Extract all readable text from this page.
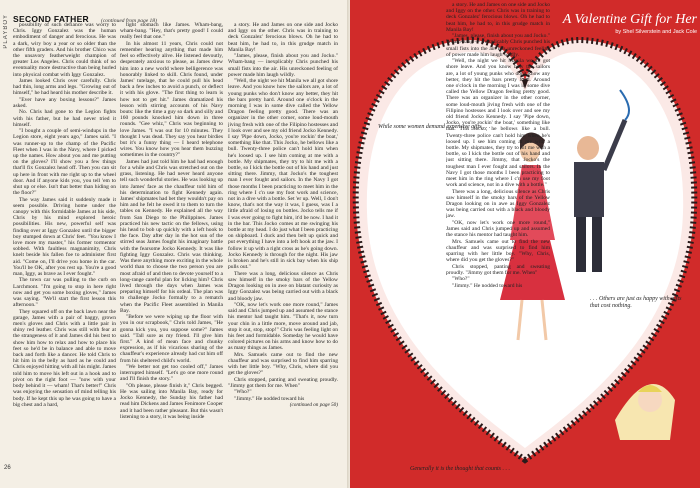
PLAYBOY SECOND FATHER (continued from page 18)

possibility of such defiance was worry to Chris. Iggy Gonzalez was the human embodiment of danger and ferocious. He was a dark, wiry boy a year or so older than the other fifth graders. And his brother Chico was the unsavory featherweight champion of greater Los Angeles. Chris could think of no eventuality more destructive than being hurled into physical combat with Iggy Gonzalez.

James looked Chris over carefully. Chris had thin, long arms and legs. "Growing out of himself," he had heard his mother describe it.

"Ever have any boxing lessons?" James asked.

No. Chris had gone to the Legion fights with his father, but he had never tried it himself.

"I bought a couple of semi-windups in the Legion store, eight years ago," James said. "I was runner-up to the champ of the Pacific Fleet when I was in the Navy, where I picked up the names. How about you and me putting on the gloves? I'll show you a few things that'll fix Gonzalez head off. Then you can sit up here in front with me right up to the wheel door. And if anyone kids you, you tell 'em to shut up or else. Isn't that better than hiding on the floor?"

The way James said it suddenly made it seem possible. Driving home under the canopy with this formidable James at his side, Chris by his mind explored heroic possibilities. His new, powerful self was finding over at Iggy Gonzalez until the bigger boy stumped down at Chris' feet. "You know I love more my master," his former tormentor sobbed. With faultless magnanimity, Chris knelt beside his fallen foe to administer first aid. "Come on, I'll drive you home in the car. You'll be OK, after you rest up. You're a good man, Iggy, as brave as I ever fought."

The town car was pulling to the curb on Larchmont. "I'm going to stop in here right now and get you some boxing gloves," James was saying. "We'll start the first lesson this afternoon."

They squared off on the back lawn near the garage, James with a pair of baggy, grown men's gloves and Chris with a little pair in shiny red leather. Chris was still with fear at the strangeness of it and James did his best to show him how to relax and how to place his feet so he'd be in balance and able to move back and forth like a dancer. He told Chris to hit him in the belly as hard as he could and Chris enjoyed hitting with all his might. James told him to move his left out in a hook and to pivot on the right foot — "now with your body behind it — wham! That's better!" Chris was enjoying the sensation of mind telling his body. If he kept this up he was going to have a big chest and a hard,

tight stomach like James. Wham-bang, wham-bang. "Hey, that's pretty good! I could really feel that one."

In his almost 11 years, Chris could not remember hearing anything that made him feel so effectively alive. He listened devoutly, desperately anxious to please, as James drew him into a new world where belligerence was honorably linked to skill. Chris found, under James' tutelage, that he could pull his head back a few inches to avoid a punch, or deflect it with his glove. "The first thing to learn is how not to get hit." James dramatized his lesson with stirring accounts of his Navy bouts: like the time a guy so dark and silly and 160 pounds knocked him down in three rounds. "Gee whiz," Chris was beginning to love James. "I was out for 10 minutes. They thought I was dead. They say you hear birdies but it's a funny thing — I heard telephone wires. You know how you hear them buzzing sometimes in the country?"

James had just told him he had had enough for a while and Chris was stretched out on the grass, listening. He had never heard anyone tell such wonderful stories. He was looking up into James' face as the chauffeur told him of his determination to fight Kennedy again. James' shipmates had bet they wouldn't pay on him and he felt he owed it to them to turn the tables on Kennedy. He explained all the way from San Diego to the Philippines. James practiced his new tactic on the fellows, using his head to bob up quickly with a left hook to the face. Day after day in the hot sun of the stirred seas James fought his imaginary battle with the fearsome Jocko Kennedy. It was like fighting Iggy Gonzalez. Chris was thinking. Was there anything more exciting in the whole world than to choose the two person you are most afraid of and then to devote yourself to a long-range careful plan for licking him? Chris lived through the days when James was preparing himself for his ordeal. The plan was to challenge Jocko formally to a rematch when the Pacific Fleet assembled in Manila Bay.

"Before we were wiping up the floor with you in our scrapbook," Chris told James, "He gonna kick you, you suppose some?" James said. "Tall sure as my friend. I'll give him first." A kind of mean face and chunky expression, as if his vicarious sharing of the chauffeur's experience already had cut him off from his sheltered child's world.

"We better not get too cooled off," James interrupted himself. "Let's go one more round and I'll finish the story."

"Oh please, please finish it," Chris begged. He was sailing into Manila Bay, ready for Jocko Kennedy, the Sunday his father had read him Dickens and James Fenimore Cooper and it had been rather pleasant. But this wasn't listening to a story, it was being inside

a story. He and James on one side and Jocko and Iggy on the other. Chris was in training to deck Gonzalez' ferocious blows. Oh he had to beat him, he had to, in this grudge match in Manila Bay!

"James, please, finish about you and Jocko." Wham-bang — inexplicably Chris punched his small fists into the air. His unreckoned feeling of power made him laugh wildly.

"Well, the night we hit Manila we all got shore leave. And you know how the sailors are, a lot of young punks who don't know any better, they hit the bars pretty hard. Around one o'clock in the morning I was in some dive called the Yellow Dragon feeling pretty good. There was an organizer in the other corner, some loud-mouth jiving fresh with one of the Filipino hostesses and I look over and see my old friend Jocko Kennedy. I say 'Pipe down, Jocko, you're rockin' the boat,' something like that. This Jocko, he bellows like a bull. Twenty-three police can't hold him when he's loosed up. I see him coming at me with a bottle. My shipmates, they try to hit me with a bottle, so I kick the bottle out of his hand and just sitting there. Jimmy, that Jocko's the toughest man I ever fought and sailors. In the Navy I got those months I been practicing to meet him in the ring where I c'n use my foot work and science, not in a dive with a bottle. Set 'er up. Well, I don't know, that's not the way it was, I guess, was I a little afraid of losing on bottles. Jocko tells me if I was ever going to fight him, it'd be now. I had it in the bar. This Jocko comes at me swinging his bottle at my head. I do just what I been practicing on shipboard. I duck and then belt up quick and put everything I have into a left hook at the jaw. I follow it up with a right cross as he's going down. Jocko Kennedy is through for the night. His jaw is broken and he's still in sick bay when his ship pulls out."

There was a long, delicious silence as Chris saw himself in the smoky bars of the Yellow Dragon looking on in awe on blatant curiosity as Iggy Gonzalez was being carried out with a black and bloody jaw.

"OK, now let's work one more round," James said and Chris jumped up and assumed the stance his mentor had taught him. "That's it, now turn your chin in a little more, move around and jab, stop it out, stop, stop!" Chris was feeling light on his feet and formidable. Someday he would have colored pictures on his arms and know how to do as many things as James.

Mrs. Samuels came out to find the new chauffeur and was surprised to find him sparring with her little boy. "Why, Chris, where did you get the gloves?"

Chris stopped, panting and sweating proudly. "Jimmy got them for me. When"

"Who?"

"Jimmy." He nodded toward his

(continued on page 50)

26

a story. He and James on one side and Jocko and Iggy on the other. Chris was in training to deck Gonzalez' ferocious blows. Oh he had to beat him, he had to, in this grudge match in Manila Bay!

"James, please, finish about you and Jocko." Wham-bang — inexplicably Chris punched his small fists into the air. His unreckoned feeling of power made him laugh wildly.

"Well, the night we hit Manila we all got shore leave. And you know how the sailors are, a lot of young punks who don't know any better, they hit the bars pretty hard. Around one o'clock in the morning I was in some dive called the Yellow Dragon feeling pretty good. There was an organizer in the other corner, some loud-mouth jiving fresh with one of the Filipino hostesses and I look over and see my old friend Jocko Kennedy. I say 'Pipe down, Jocko, you're rockin' the boat,' something like that. This Jocko, he bellows like a bull. Twenty-three police can't hold him when he's loosed up. I see him coming at me with a bottle. My shipmates, they try to hit me with a bottle, so I kick the bottle out of his hand and just sitting there. Jimmy, that Jocko's the toughest man I ever fought and sailors. In the Navy I got those months I been practicing to meet him in the ring where I c'n use my foot work and science, not in a dive with a bottle."

There was a long, delicious silence as Chris saw himself in the smoky bars of the Yellow Dragon looking on in awe as Iggy Gonzalez was being carried out with a black and bloody jaw.

"OK, now let's work one more round," James said and Chris jumped up and assumed the stance his mentor had taught him.

Mrs. Samuels came out to find the new chauffeur and was surprised to find him sparring with her little boy. "Why, Chris, where did you get the gloves?"

Chris stopped, panting and sweating proudly. "Jimmy got them for me. When"

"Who?"

"Jimmy." He nodded toward his

A Valentine Gift for Her
by Shel Silverstein and Jack Cole
While some women demand expensive gifts . . .
. . . Others are just as happy with gifts that cost nothing.
Generally it is the thought that counts . . .
